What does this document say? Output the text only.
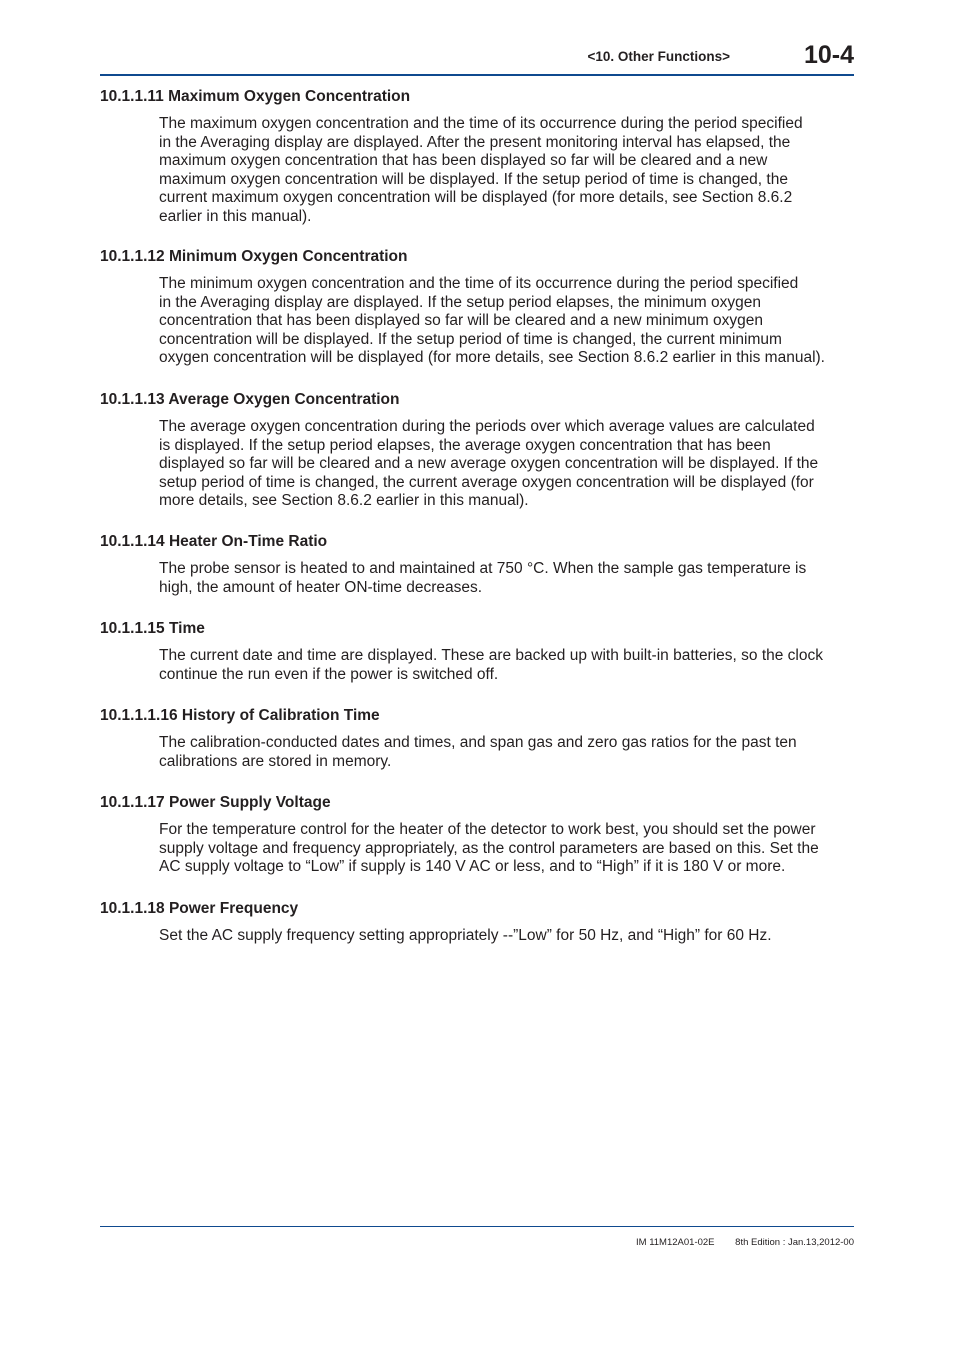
<10. Other Functions>	10-4
10.1.1.11 Maximum Oxygen Concentration
The maximum oxygen concentration and the time of its occurrence during the period specified
in the Averaging display are displayed. After the present monitoring interval has elapsed, the
maximum oxygen concentration that has been displayed so far will be cleared and a new
maximum oxygen concentration will be displayed. If the setup period of time is changed, the
current maximum oxygen concentration will be displayed (for more details, see Section 8.6.2
earlier in this manual).
10.1.1.12 Minimum Oxygen Concentration
The minimum oxygen concentration and the time of its occurrence during the period specified
in the Averaging display are displayed. If the setup period elapses, the minimum oxygen
concentration that has been displayed so far will be cleared and a new minimum oxygen
concentration will be displayed. If the setup period of time is changed, the current minimum
oxygen concentration will be displayed (for more details, see Section 8.6.2 earlier in this manual).
10.1.1.13 Average Oxygen Concentration
The average oxygen concentration during the periods over which average values are calculated
is displayed. If the setup period elapses, the average oxygen concentration that has been
displayed so far will be cleared and a new average oxygen concentration will be displayed. If the
setup period of time is changed, the current average oxygen concentration will be displayed (for
more details, see Section 8.6.2 earlier in this manual).
10.1.1.14 Heater On-Time Ratio
The probe sensor is heated to and maintained at 750 °C. When the sample gas temperature is
high, the amount of heater ON-time decreases.
10.1.1.15 Time
The current date and time are displayed. These are backed up with built-in batteries, so the clock
continue the run even if the power is switched off.
10.1.1.1.16 History of Calibration Time
The calibration-conducted dates and times, and span gas and zero gas ratios for the past ten
calibrations are stored in memory.
10.1.1.17 Power Supply Voltage
For the temperature control for the heater of the detector to work best, you should set the power
supply voltage and frequency appropriately, as the control parameters are based on this. Set the
AC supply voltage to “Low” if supply is 140 V AC or less, and to “High” if it is 180 V or more.
10.1.1.18 Power Frequency
Set the AC supply frequency setting appropriately --”Low” for 50 Hz, and “High” for 60 Hz.
IM 11M12A01-02E 8th Edition : Jan.13,2012-00
